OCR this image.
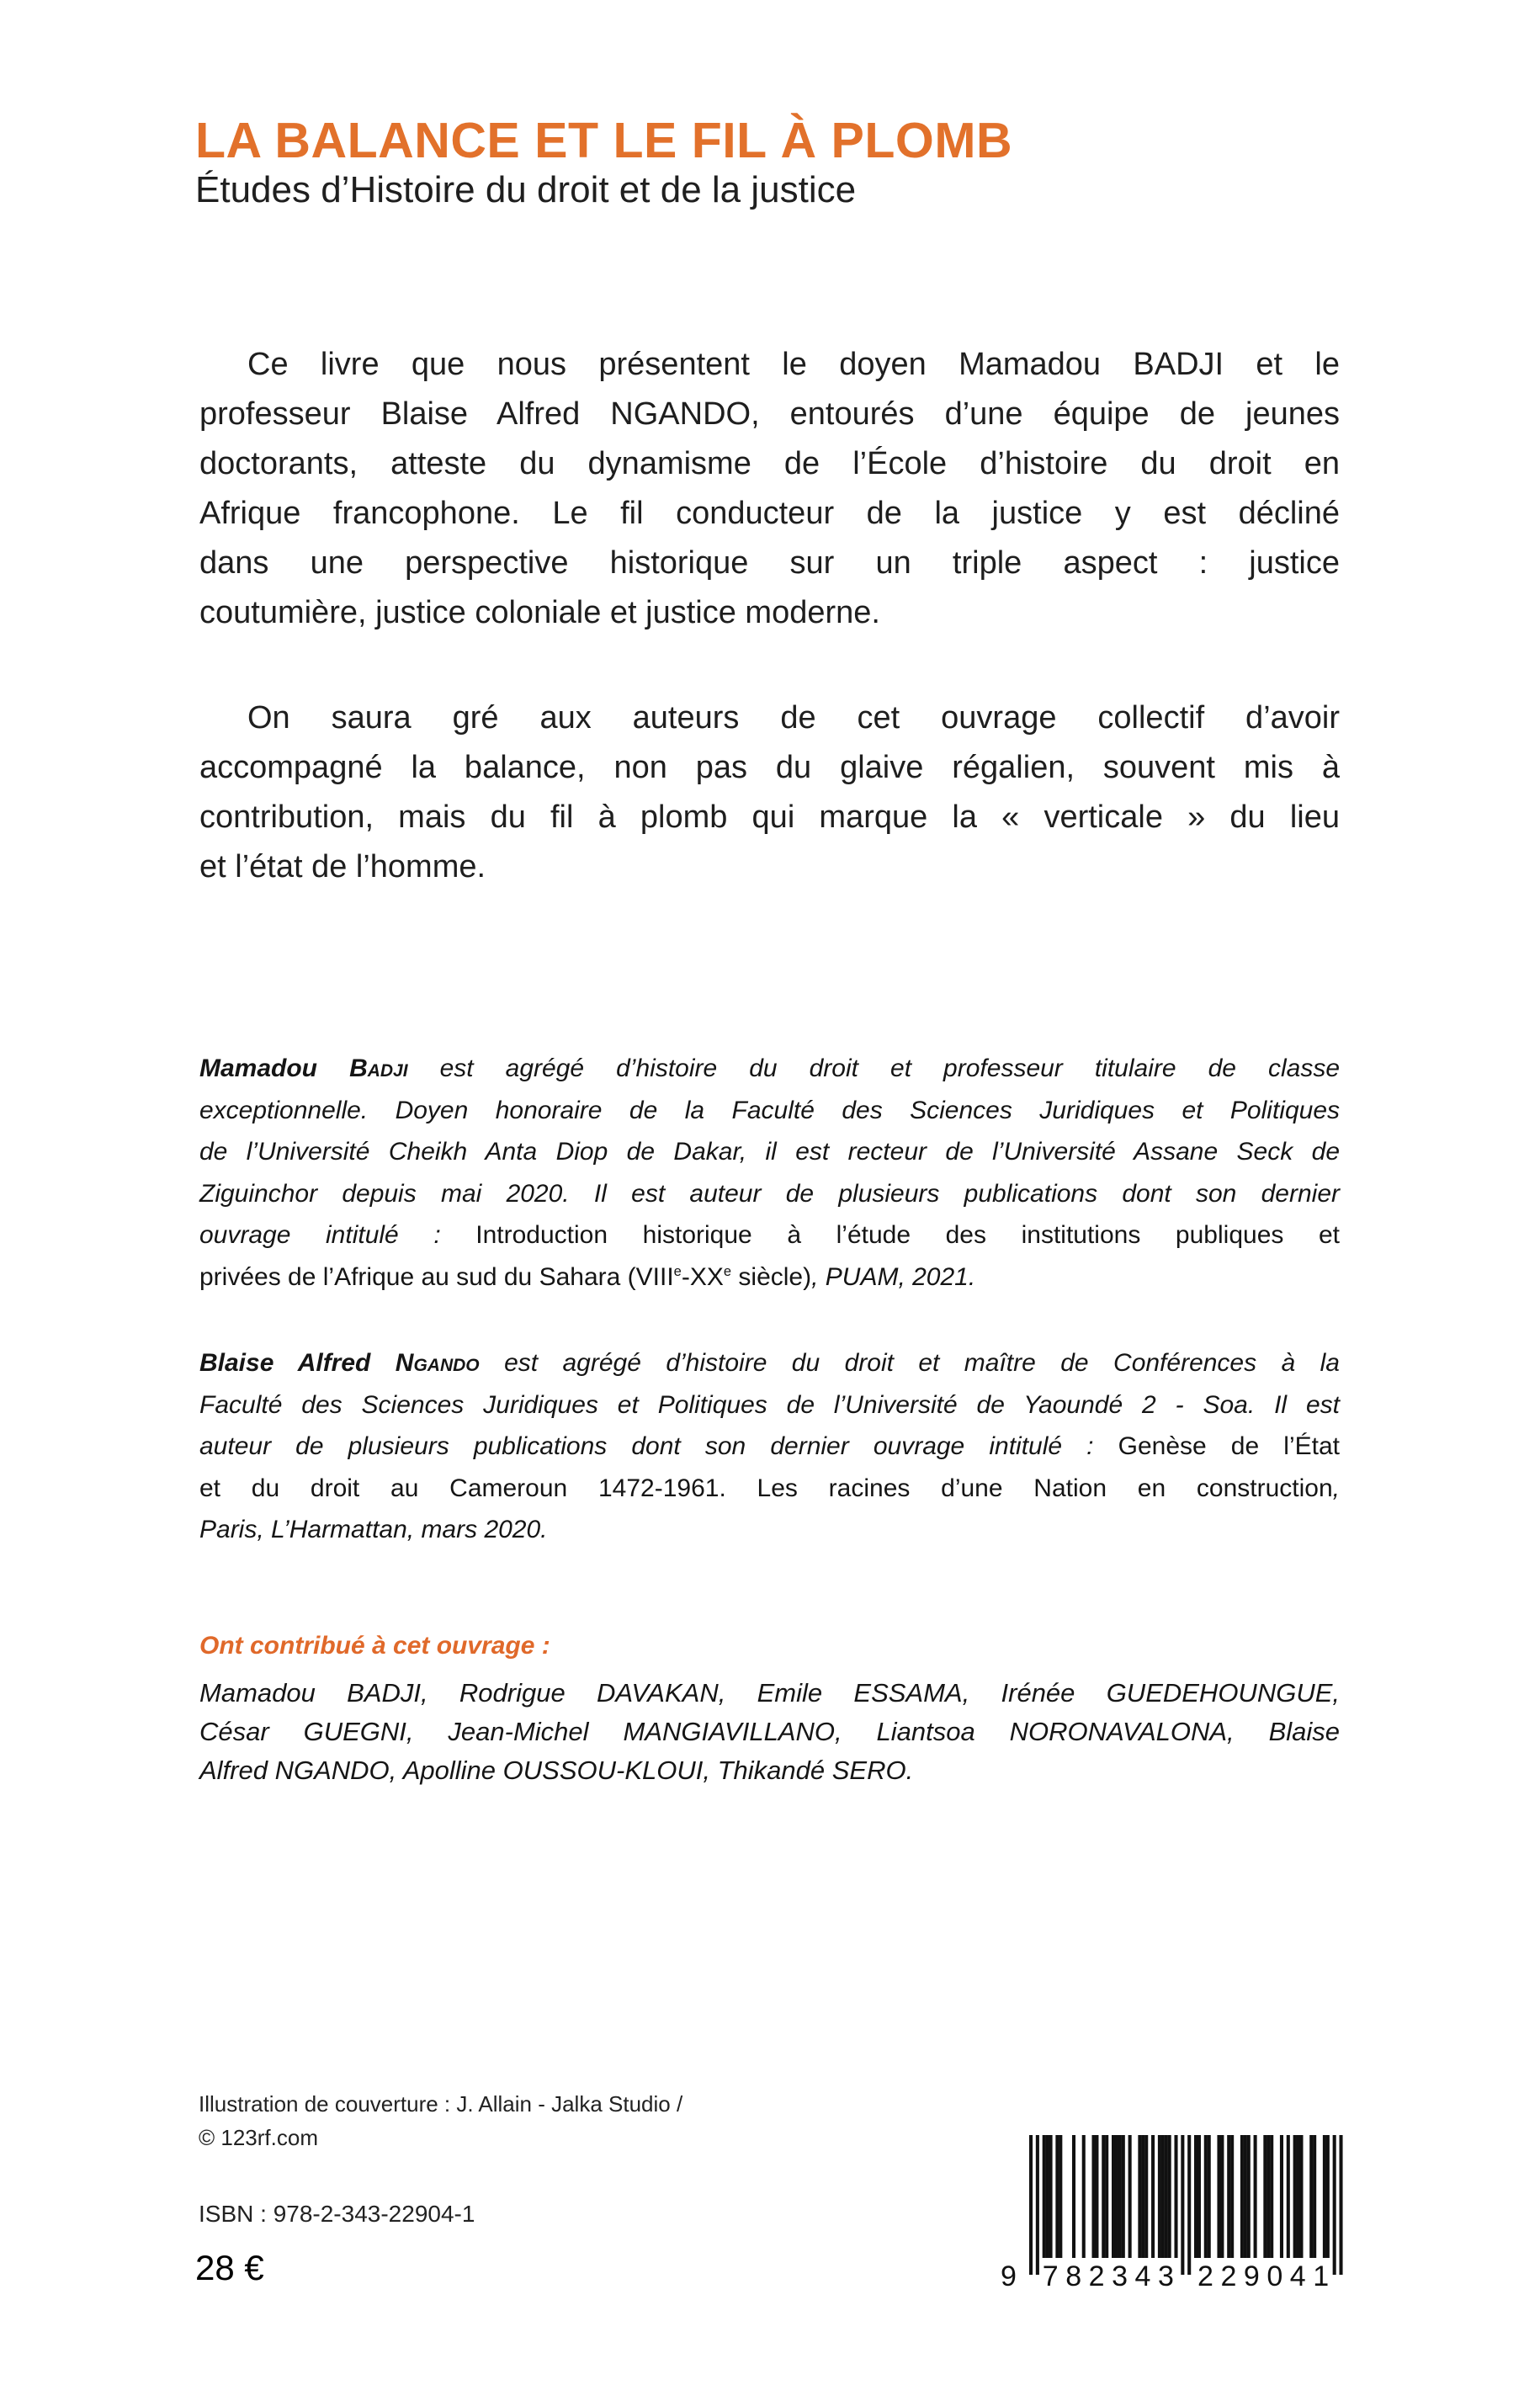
LA BALANCE ET LE FIL À PLOMB
Études d’Histoire du droit et de la justice
Ce livre que nous présentent le doyen Mamadou BADJI et le
professeur Blaise Alfred NGANDO, entourés d’une équipe de jeunes
doctorants, atteste du dynamisme de l’École d’histoire du droit en
Afrique francophone. Le fil conducteur de la justice y est décliné
dans une perspective historique sur un triple aspect : justice
coutumière, justice coloniale et justice moderne.
On saura gré aux auteurs de cet ouvrage collectif d’avoir
accompagné la balance, non pas du glaive régalien, souvent mis à
contribution, mais du fil à plomb qui marque la « verticale » du lieu
et l’état de l’homme.
Mamadou Badji est agrégé d’histoire du droit et professeur titulaire de classe
exceptionnelle. Doyen honoraire de la Faculté des Sciences Juridiques et Politiques
de l’Université Cheikh Anta Diop de Dakar, il est recteur de l’Université Assane Seck de
Ziguinchor depuis mai 2020. Il est auteur de plusieurs publications dont son dernier
ouvrage intitulé : Introduction historique à l’étude des institutions publiques et
privées de l’Afrique au sud du Sahara (VIIIe-XXe siècle), PUAM, 2021.
Blaise Alfred Ngando est agrégé d’histoire du droit et maître de Conférences à la
Faculté des Sciences Juridiques et Politiques de l’Université de Yaoundé 2 - Soa. Il est
auteur de plusieurs publications dont son dernier ouvrage intitulé : Genèse de l’État
et du droit au Cameroun 1472-1961. Les racines d’une Nation en construction,
Paris, L’Harmattan, mars 2020.
Ont contribué à cet ouvrage :
Mamadou BADJI, Rodrigue DAVAKAN, Emile ESSAMA, Irénée GUEDEHOUNGUE,
César GUEGNI, Jean-Michel MANGIAVILLANO, Liantsoa NORONAVALONA, Blaise
Alfred NGANDO, Apolline OUSSOU-KLOUI, Thikandé SERO.
Illustration de couverture : J. Allain - Jalka Studio /
© 123rf.com
ISBN : 978-2-343-22904-1
28 €	9 7 8 2 3 4 3 2 2 9 0 4 1
